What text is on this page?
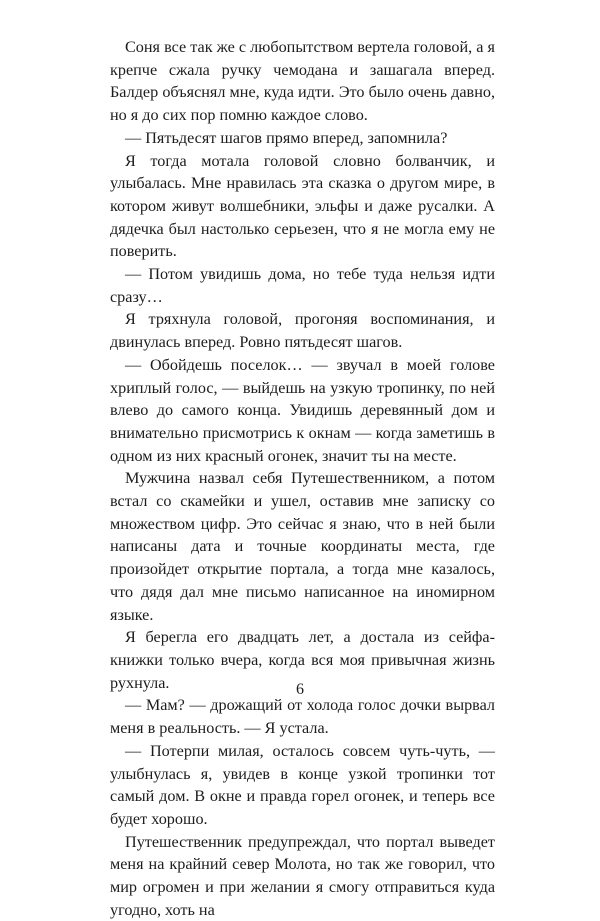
Соня все так же с любопытством вертела головой, а я крепче сжала ручку чемодана и зашагала вперед. Балдер объяснял мне, куда идти. Это было очень давно, но я до сих пор помню каждое слово.

— Пятьдесят шагов прямо вперед, запомнила?

Я тогда мотала головой словно болванчик, и улыбалась. Мне нравилась эта сказка о другом мире, в котором живут волшебники, эльфы и даже русалки. А дядечка был настолько серьезен, что я не могла ему не поверить.

— Потом увидишь дома, но тебе туда нельзя идти сразу…

Я тряхнула головой, прогоняя воспоминания, и двинулась вперед. Ровно пятьдесят шагов.

— Обойдешь поселок… — звучал в моей голове хриплый голос, — выйдешь на узкую тропинку, по ней влево до самого конца. Увидишь деревянный дом и внимательно присмотрись к окнам — когда заметишь в одном из них красный огонек, значит ты на месте.

Мужчина назвал себя Путешественником, а потом встал со скамейки и ушел, оставив мне записку со множеством цифр. Это сейчас я знаю, что в ней были написаны дата и точные координаты места, где произойдет открытие портала, а тогда мне казалось, что дядя дал мне письмо написанное на иномирном языке.

Я берегла его двадцать лет, а достала из сейфа-книжки только вчера, когда вся моя привычная жизнь рухнула.

— Мам? — дрожащий от холода голос дочки вырвал меня в реальность. — Я устала.

— Потерпи милая, осталось совсем чуть-чуть, — улыбнулась я, увидев в конце узкой тропинки тот самый дом. В окне и правда горел огонек, и теперь все будет хорошо.

Путешественник предупреждал, что портал выведет меня на крайний север Молота, но так же говорил, что мир огромен и при желании я смогу отправиться куда угодно, хоть на

6
